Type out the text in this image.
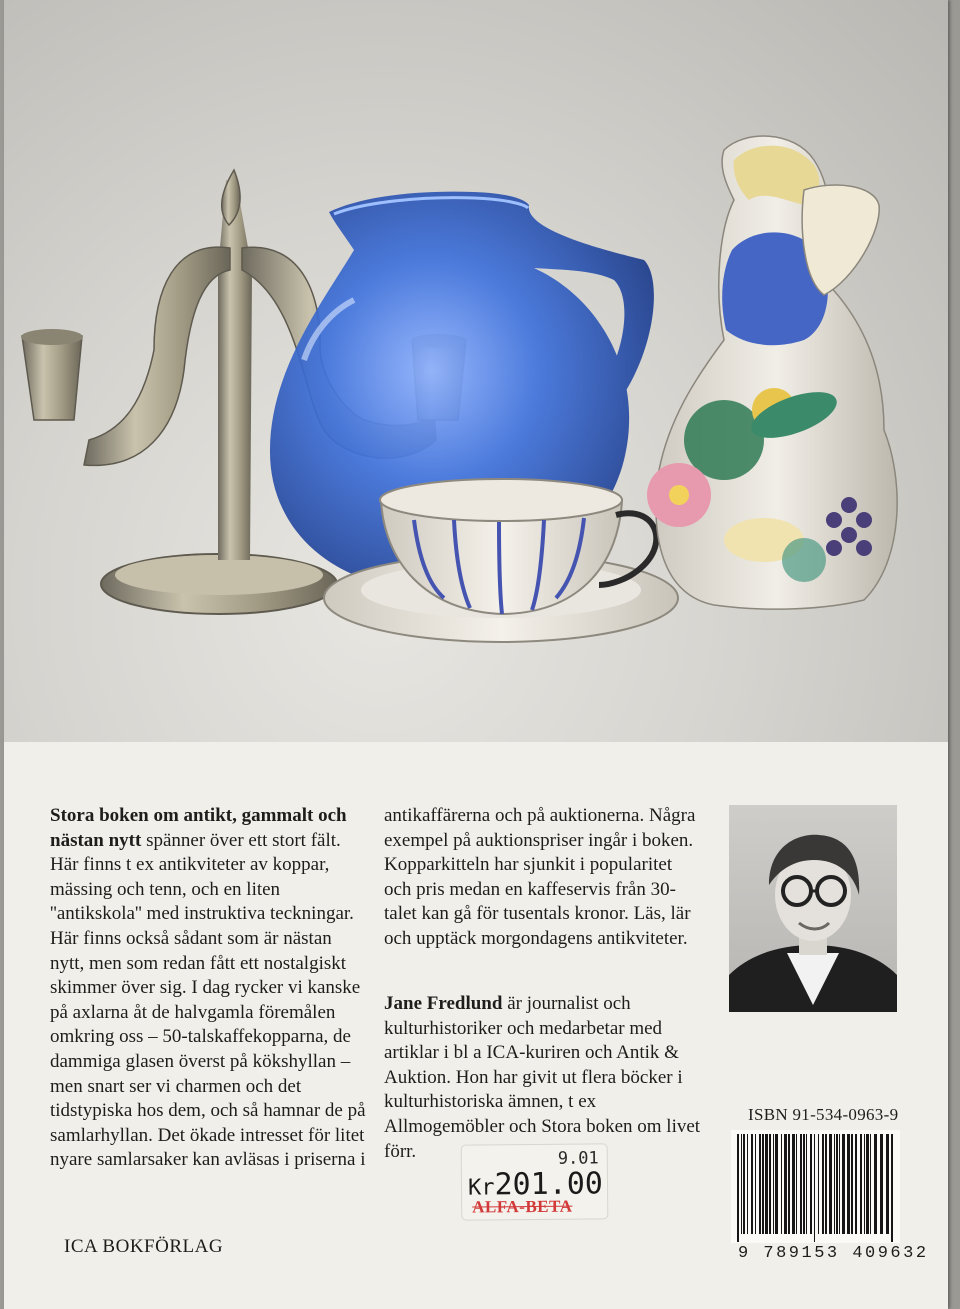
Stora boken om antikt, gammalt och nästan nytt spänner över ett stort fält. Här finns t ex antikviteter av koppar, mässing och tenn, och en liten ''antikskola'' med instruktiva teckningar. Här finns också sådant som är nästan nytt, men som redan fått ett nostalgiskt skimmer över sig. I dag rycker vi kanske på axlarna åt de halvgamla föremålen omkring oss – 50-talskaffekopparna, de dammiga glasen överst på kökshyllan – men snart ser vi charmen och det tidstypiska hos dem, och så hamnar de på samlarhyllan. Det ökade intresset för litet nyare samlarsaker kan avläsas i priserna i
antikaffärerna och på auktionerna. Några exempel på auktionspriser ingår i boken. Kopparkitteln har sjunkit i popularitet och pris medan en kaffeservis från 30-talet kan gå för tusentals kronor. Läs, lär och upptäck morgondagens antikviteter.
Jane Fredlund är journalist och kulturhistoriker och medarbetar med artiklar i bl a ICA-kuriren och Antik & Auktion. Hon har givit ut flera böcker i kulturhistoriska ämnen, t ex Allmogemöbler och Stora boken om livet förr.
ISBN 91-534-0963-9
9 789153 409632
ICA BOKFÖRLAG
9.01
Kr201.00
ALFA-BETA
